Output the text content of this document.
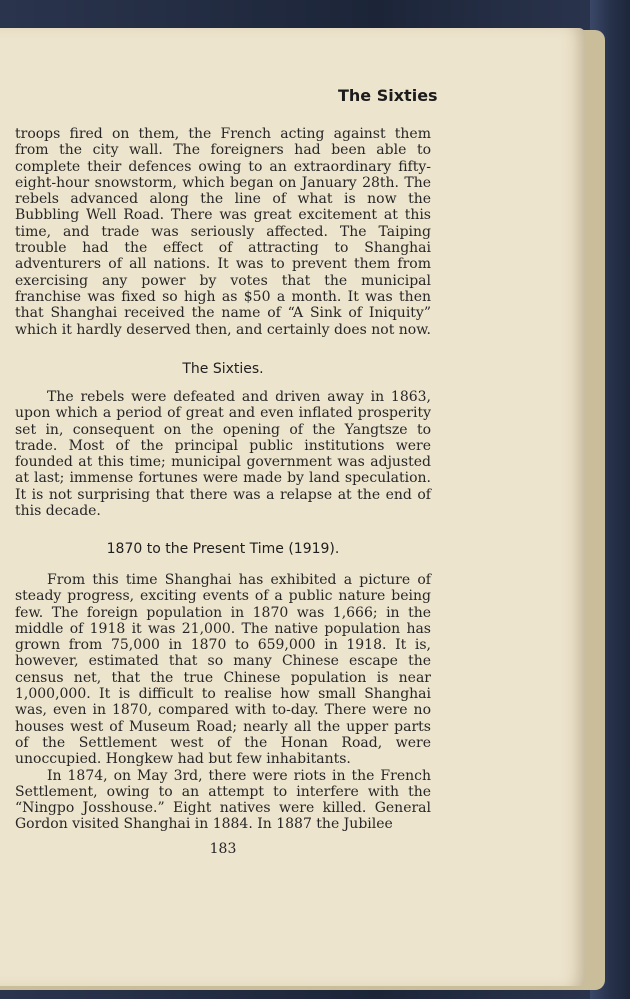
The Sixties

troops fired on them, the French acting against them from the city wall. The foreigners had been able to complete their defences owing to an extraordinary fifty-eight-hour snowstorm, which began on January 28th. The rebels advanced along the line of what is now the Bubbling Well Road. There was great excitement at this time, and trade was seriously affected. The Taiping trouble had the effect of attracting to Shanghai adventurers of all nations. It was to prevent them from exercising any power by votes that the municipal franchise was fixed so high as $50 a month. It was then that Shanghai received the name of “A Sink of Iniquity” which it hardly deserved then, and certainly does not now.

The Sixties.

The rebels were defeated and driven away in 1863, upon which a period of great and even inflated prosperity set in, consequent on the opening of the Yangtsze to trade. Most of the principal public institutions were founded at this time; municipal government was adjusted at last; immense fortunes were made by land speculation. It is not surprising that there was a relapse at the end of this decade.

1870 to the Present Time (1919).

From this time Shanghai has exhibited a picture of steady progress, exciting events of a public nature being few. The foreign population in 1870 was 1,666; in the middle of 1918 it was 21,000. The native population has grown from 75,000 in 1870 to 659,000 in 1918. It is, however, estimated that so many Chinese escape the census net, that the true Chinese population is near 1,000,000. It is difficult to realise how small Shanghai was, even in 1870, compared with to-day. There were no houses west of Museum Road; nearly all the upper parts of the Settlement west of the Honan Road, were unoccupied. Hongkew had but few inhabitants.

In 1874, on May 3rd, there were riots in the French Settlement, owing to an attempt to interfere with the “Ningpo Josshouse.” Eight natives were killed. General Gordon visited Shanghai in 1884. In 1887 the Jubilee

183
